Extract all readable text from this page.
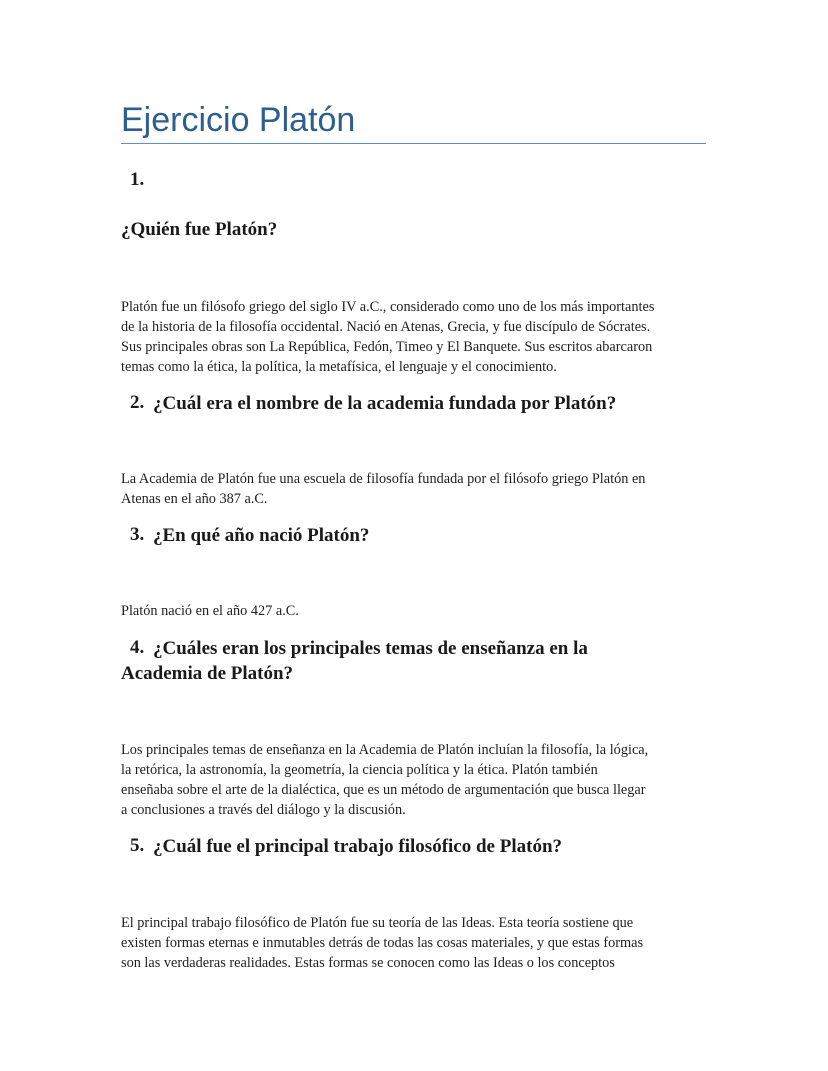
Ejercicio Platón
1.
¿Quién fue Platón?

Platón fue un filósofo griego del siglo IV a.C., considerado como uno de los más importantes
de la historia de la filosofía occidental. Nació en Atenas, Grecia, y fue discípulo de Sócrates.
Sus principales obras son La República, Fedón, Timeo y El Banquete. Sus escritos abarcaron
temas como la ética, la política, la metafísica, el lenguaje y el conocimiento.

2. ¿Cuál era el nombre de la academia fundada por Platón?

La Academia de Platón fue una escuela de filosofía fundada por el filósofo griego Platón en
Atenas en el año 387 a.C.

3. ¿En qué año nació Platón?

Platón nació en el año 427 a.C.

4. ¿Cuáles eran los principales temas de enseñanza en la
Academia de Platón?

Los principales temas de enseñanza en la Academia de Platón incluían la filosofía, la lógica,
la retórica, la astronomía, la geometría, la ciencia política y la ética. Platón también
enseñaba sobre el arte de la dialéctica, que es un método de argumentación que busca llegar
a conclusiones a través del diálogo y la discusión.

5. ¿Cuál fue el principal trabajo filosófico de Platón?

El principal trabajo filosófico de Platón fue su teoría de las Ideas. Esta teoría sostiene que
existen formas eternas e inmutables detrás de todas las cosas materiales, y que estas formas
son las verdaderas realidades. Estas formas se conocen como las Ideas o los conceptos
